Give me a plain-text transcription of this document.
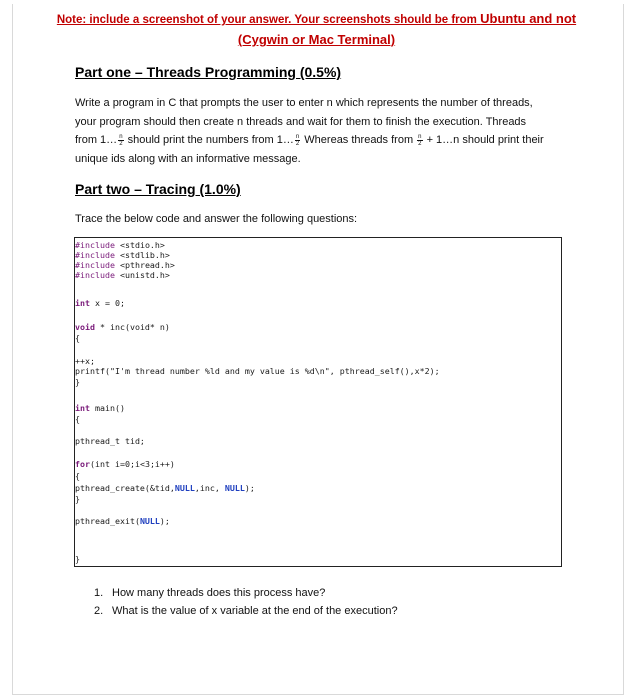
Note: include a screenshot of your answer. Your screenshots should be from Ubuntu and not
(Cygwin or Mac Terminal)
Part one – Threads Programming (0.5%)
Write a program in C that prompts the user to enter n which represents the number of threads,
your program should then create n threads and wait for them to finish the execution. Threads
from 1… $\frac{n}{2}$ should print the numbers from 1… $\frac{n}{2}$ Whereas threads from $\frac{n}{2}$ + 1…n should print their
unique ids along with an informative message.
Part two – Tracing (1.0%)
Trace the below code and answer the following questions:
#include <stdio.h>
#include <stdlib.h>
#include <pthread.h>
#include <unistd.h>
int x = 0;
void * inc(void* n)
{
++x;
printf("I'm thread number %ld and my value is %d\n", pthread_self(),x*2);
}
int main()
{
pthread_t tid;
for(int i=0;i<3;i++)
{
pthread_create(&tid,NULL,inc, NULL);
}
pthread_exit(NULL);
}
1. How many threads does this process have?
2. What is the value of x variable at the end of the execution?
